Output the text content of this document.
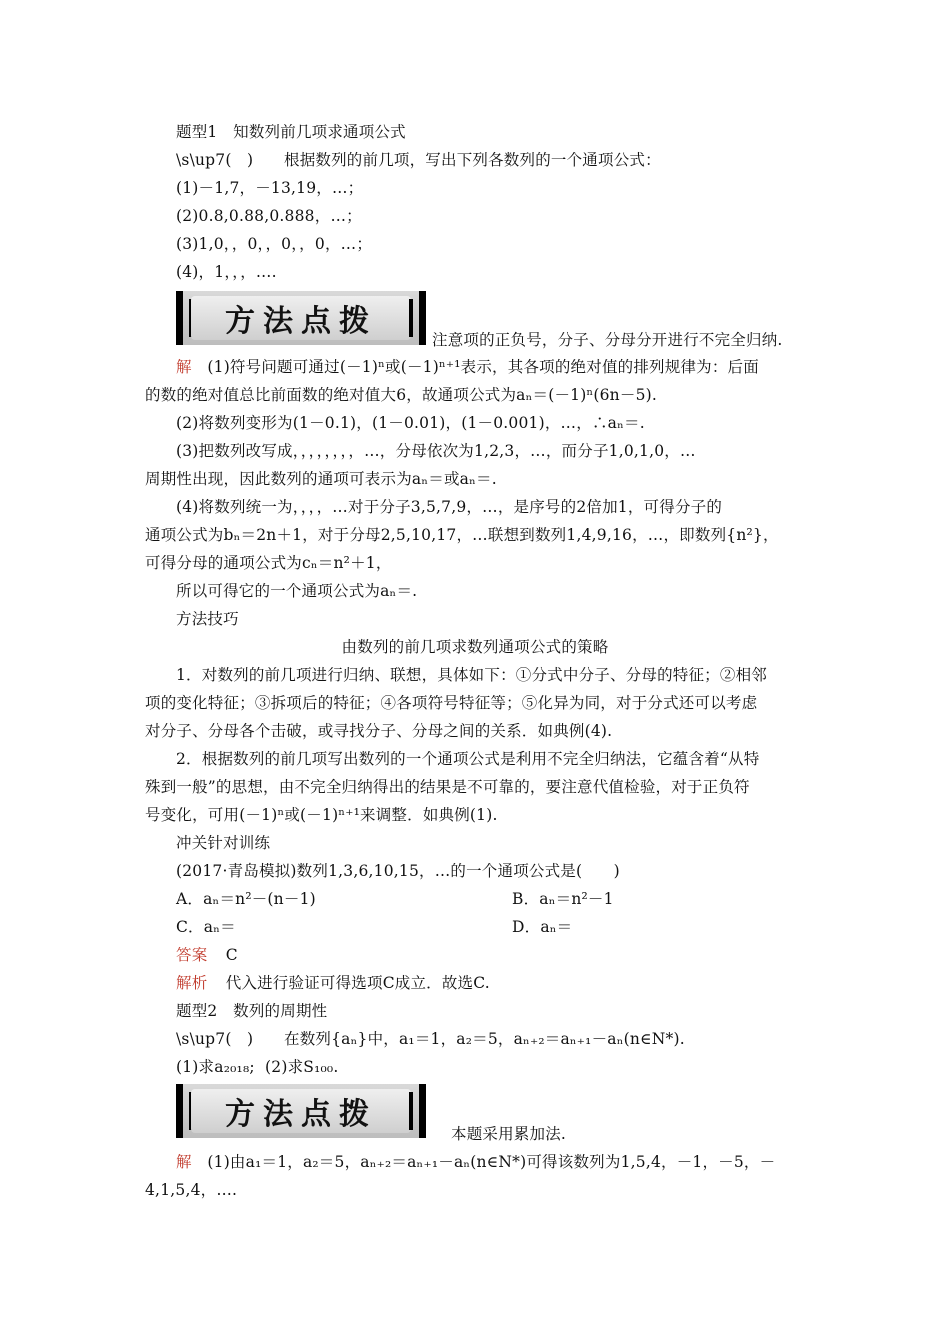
题型1　知数列前几项求通项公式
\s\up7(   )      根据数列的前几项，写出下列各数列的一个通项公式：
(1)－1,7，－13,19，…；
(2)0.8,0.88,0.888，…；
(3)1,0，，0，，0，，0，…；
(4)，1，，，….
方法点拨
注意项的正负号，分子、分母分开进行不完全归纳.
解 (1)符号问题可通过(－1)ⁿ或(－1)ⁿ⁺¹表示，其各项的绝对值的排列规律为：后面
的数的绝对值总比前面数的绝对值大6，故通项公式为aₙ＝(－1)ⁿ(6n－5).
(2)将数列变形为(1－0.1)，(1－0.01)，(1－0.001)，…，∴aₙ＝.
(3)把数列改写成，，，，，，，，…，分母依次为1,2,3，…，而分子1,0,1,0，…
周期性出现，因此数列的通项可表示为aₙ＝或aₙ＝.
(4)将数列统一为，，，，…对于分子3,5,7,9，…，是序号的2倍加1，可得分子的
通项公式为bₙ＝2n＋1，对于分母2,5,10,17，…联想到数列1,4,9,16，…，即数列{n²}，
可得分母的通项公式为cₙ＝n²＋1，
所以可得它的一个通项公式为aₙ＝.
方法技巧
由数列的前几项求数列通项公式的策略
1．对数列的前几项进行归纳、联想，具体如下：①分式中分子、分母的特征；②相邻
项的变化特征；③拆项后的特征；④各项符号特征等；⑤化异为同，对于分式还可以考虑
对分子、分母各个击破，或寻找分子、分母之间的关系．如典例(4).
2．根据数列的前几项写出数列的一个通项公式是利用不完全归纳法，它蕴含着“从特
殊到一般”的思想，由不完全归纳得出的结果是不可靠的，要注意代值检验，对于正负符
号变化，可用(－1)ⁿ或(－1)ⁿ⁺¹来调整．如典例(1).
冲关针对训练
(2017·青岛模拟)数列1,3,6,10,15，…的一个通项公式是(　　)
A．aₙ＝n²－(n－1)	B．aₙ＝n²－1
C．aₙ＝	D．aₙ＝
答案 　C
解析 　代入进行验证可得选项C成立．故选C.
题型2　数列的周期性
\s\up7(   )      在数列{aₙ}中，a₁＝1，a₂＝5，aₙ₊₂＝aₙ₊₁－aₙ(n∈N*).
(1)求a₂₀₁₈;  (2)求S₁₀₀.
方法点拨
本题采用累加法.
解 (1)由a₁＝1，a₂＝5，aₙ₊₂＝aₙ₊₁－aₙ(n∈N*)可得该数列为1,5,4，－1，－5，－
4,1,5,4，….
